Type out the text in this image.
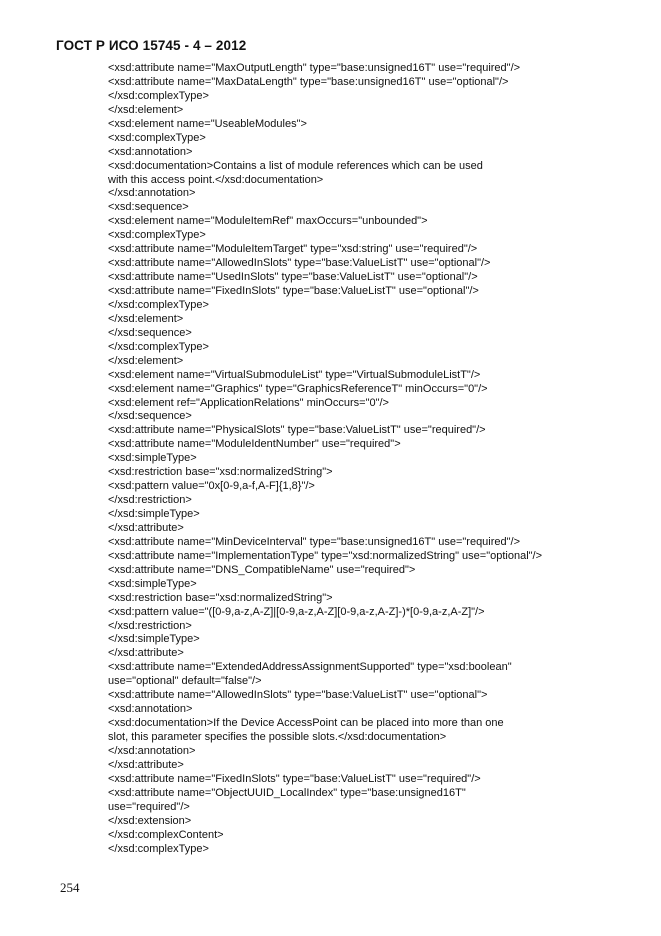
ГОСТ Р ИСО 15745 - 4 – 2012
<xsd:attribute name="MaxOutputLength" type="base:unsigned16T" use="required"/>
<xsd:attribute name="MaxDataLength" type="base:unsigned16T" use="optional"/>
</xsd:complexType>
</xsd:element>
<xsd:element name="UseableModules">
<xsd:complexType>
<xsd:annotation>
<xsd:documentation>Contains a list of module references which can be used
with this access point.</xsd:documentation>
</xsd:annotation>
<xsd:sequence>
<xsd:element name="ModuleItemRef" maxOccurs="unbounded">
<xsd:complexType>
<xsd:attribute name="ModuleItemTarget" type="xsd:string" use="required"/>
<xsd:attribute name="AllowedInSlots" type="base:ValueListT" use="optional"/>
<xsd:attribute name="UsedInSlots" type="base:ValueListT" use="optional"/>
<xsd:attribute name="FixedInSlots" type="base:ValueListT" use="optional"/>
</xsd:complexType>
</xsd:element>
</xsd:sequence>
</xsd:complexType>
</xsd:element>
<xsd:element name="VirtualSubmoduleList" type="VirtualSubmoduleListT"/>
<xsd:element name="Graphics" type="GraphicsReferenceT" minOccurs="0"/>
<xsd:element ref="ApplicationRelations" minOccurs="0"/>
</xsd:sequence>
<xsd:attribute name="PhysicalSlots" type="base:ValueListT" use="required"/>
<xsd:attribute name="ModuleIdentNumber" use="required">
<xsd:simpleType>
<xsd:restriction base="xsd:normalizedString">
<xsd:pattern value="0x[0-9,a-f,A-F]{1,8}"/>
</xsd:restriction>
</xsd:simpleType>
</xsd:attribute>
<xsd:attribute name="MinDeviceInterval" type="base:unsigned16T" use="required"/>
<xsd:attribute name="ImplementationType" type="xsd:normalizedString" use="optional"/>
<xsd:attribute name="DNS_CompatibleName" use="required">
<xsd:simpleType>
<xsd:restriction base="xsd:normalizedString">
<xsd:pattern value="([0-9,a-z,A-Z]|[0-9,a-z,A-Z][0-9,a-z,A-Z]-)*[0-9,a-z,A-Z]"/>
</xsd:restriction>
</xsd:simpleType>
</xsd:attribute>
<xsd:attribute name="ExtendedAddressAssignmentSupported" type="xsd:boolean"
use="optional" default="false"/>
<xsd:attribute name="AllowedInSlots" type="base:ValueListT" use="optional">
<xsd:annotation>
<xsd:documentation>If the Device AccessPoint can be placed into more than one
slot, this parameter specifies the possible slots.</xsd:documentation>
</xsd:annotation>
</xsd:attribute>
<xsd:attribute name="FixedInSlots" type="base:ValueListT" use="required"/>
<xsd:attribute name="ObjectUUID_LocalIndex" type="base:unsigned16T"
use="required"/>
</xsd:extension>
</xsd:complexContent>
</xsd:complexType>
254
